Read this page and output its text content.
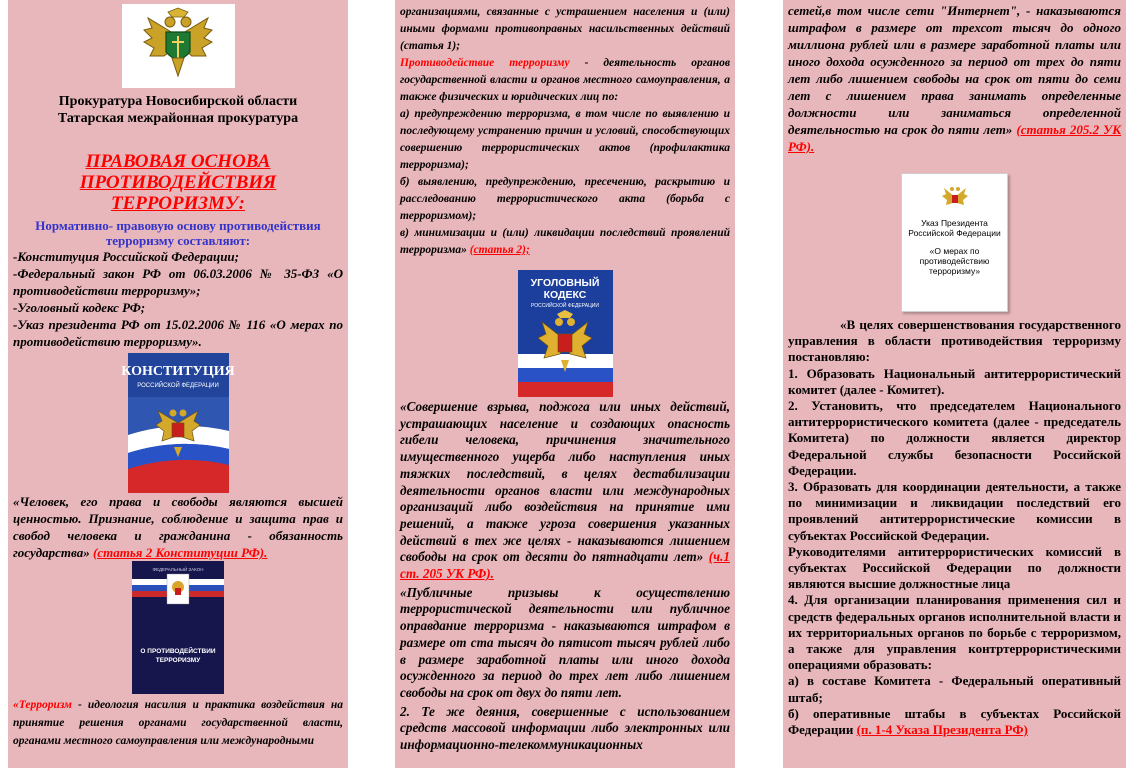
Прокуратура Новосибирской области
Татарская межрайонная прокуратура
ПРАВОВАЯ ОСНОВА
ПРОТИВОДЕЙСТВИЯ
ТЕРРОРИЗМУ:
Нормативно- правовую основу противодействия терроризму составляют:
-Конституция Российской Федерации;
-Федеральный закон РФ от 06.03.2006 № 35-ФЗ «О противодействии терроризму»;
-Уголовный кодекс РФ;
-Указ президента РФ от 15.02.2006 № 116 «О мерах по противодействию терроризму».
КОНСТИТУЦИЯ
РОССИЙСКОЙ ФЕДЕРАЦИИ
«Человек, его права и свободы являются высшей ценностью. Признание, соблюдение и защита прав и свобод человека и гражданина - обязанность государства» (статья 2 Конституции РФ).
ФЕДЕРАЛЬНЫЙ ЗАКОН
О ПРОТИВОДЕЙСТВИИ
ТЕРРОРИЗМУ
«Терроризм - идеология насилия и практика воздействия на принятие решения органами государственной власти, органами местного самоуправления или международными
организациями, связанные с устрашением населения и (или) иными формами противоправных насильственных действий (статья 1);
Противодействие терроризму - деятельность органов государственной власти и органов местного самоуправления, а также физических и юридических лиц по:
а) предупреждению терроризма, в том числе по выявлению и последующему устранению причин и условий, способствующих совершению террористических актов (профилактика терроризма);
б) выявлению, предупреждению, пресечению, раскрытию и расследованию террористического акта (борьба с терроризмом);
в) минимизации и (или) ликвидации последствий проявлений терроризма» (статья 2);
УГОЛОВНЫЙ
КОДЕКС
РОССИЙСКОЙ ФЕДЕРАЦИИ
«Совершение взрыва, поджога или иных действий, устрашающих население и создающих опасность гибели человека, причинения значительного имущественного ущерба либо наступления иных тяжких последствий, в целях дестабилизации деятельности органов власти или международных организаций либо воздействия на принятие ими решений, а также угроза совершения указанных действий в тех же целях - наказываются лишением свободы на срок от десяти до пятнадцати лет» (ч.1 ст. 205 УК РФ).
«Публичные призывы к осуществлению террористической деятельности или публичное оправдание терроризма - наказываются штрафом в размере от ста тысяч до пятисот тысяч рублей либо в размере заработной платы или иного дохода осужденного за период до трех лет либо лишением свободы на срок от двух до пяти лет.
2. Те же деяния, совершенные с использованием средств массовой информации либо электронных или информационно-телекоммуникационных
сетей,в том числе сети "Интернет", - наказываются штрафом в размере от трехсот тысяч до одного миллиона рублей или в размере заработной платы или иного дохода осужденного за период от трех до пяти лет либо лишением свободы на срок от пяти до семи лет с лишением права занимать определенные должности или заниматься определенной деятельностью на срок до пяти лет» (статья 205.2 УК РФ).
Указ Президента
Российской Федерации
«О мерах по противодействию терроризму»

«В целях совершенствования государственного управления в области противодействия терроризму постановляю:

1. Образовать Национальный антитеррористический комитет (далее - Комитет).

2. Установить, что председателем Национального антитеррористического комитета (далее - председатель Комитета) по должности является директор Федеральной службы безопасности Российской Федерации.

3. Образовать для координации деятельности, а также по минимизации и ликвидации последствий его проявлений антитеррористические комиссии в субъектах Российской Федерации.

Руководителями антитеррористических комиссий в субъектах Российской Федерации по должности являются высшие должностные лица

4. Для организации планирования применения сил и средств федеральных органов исполнительной власти и их территориальных органов по борьбе с терроризмом, а также для управления контртеррористическими операциями образовать:

а) в составе Комитета - Федеральный оперативный штаб;

б) оперативные штабы в субъектах Российской Федерации (п. 1-4 Указа Президента РФ)
